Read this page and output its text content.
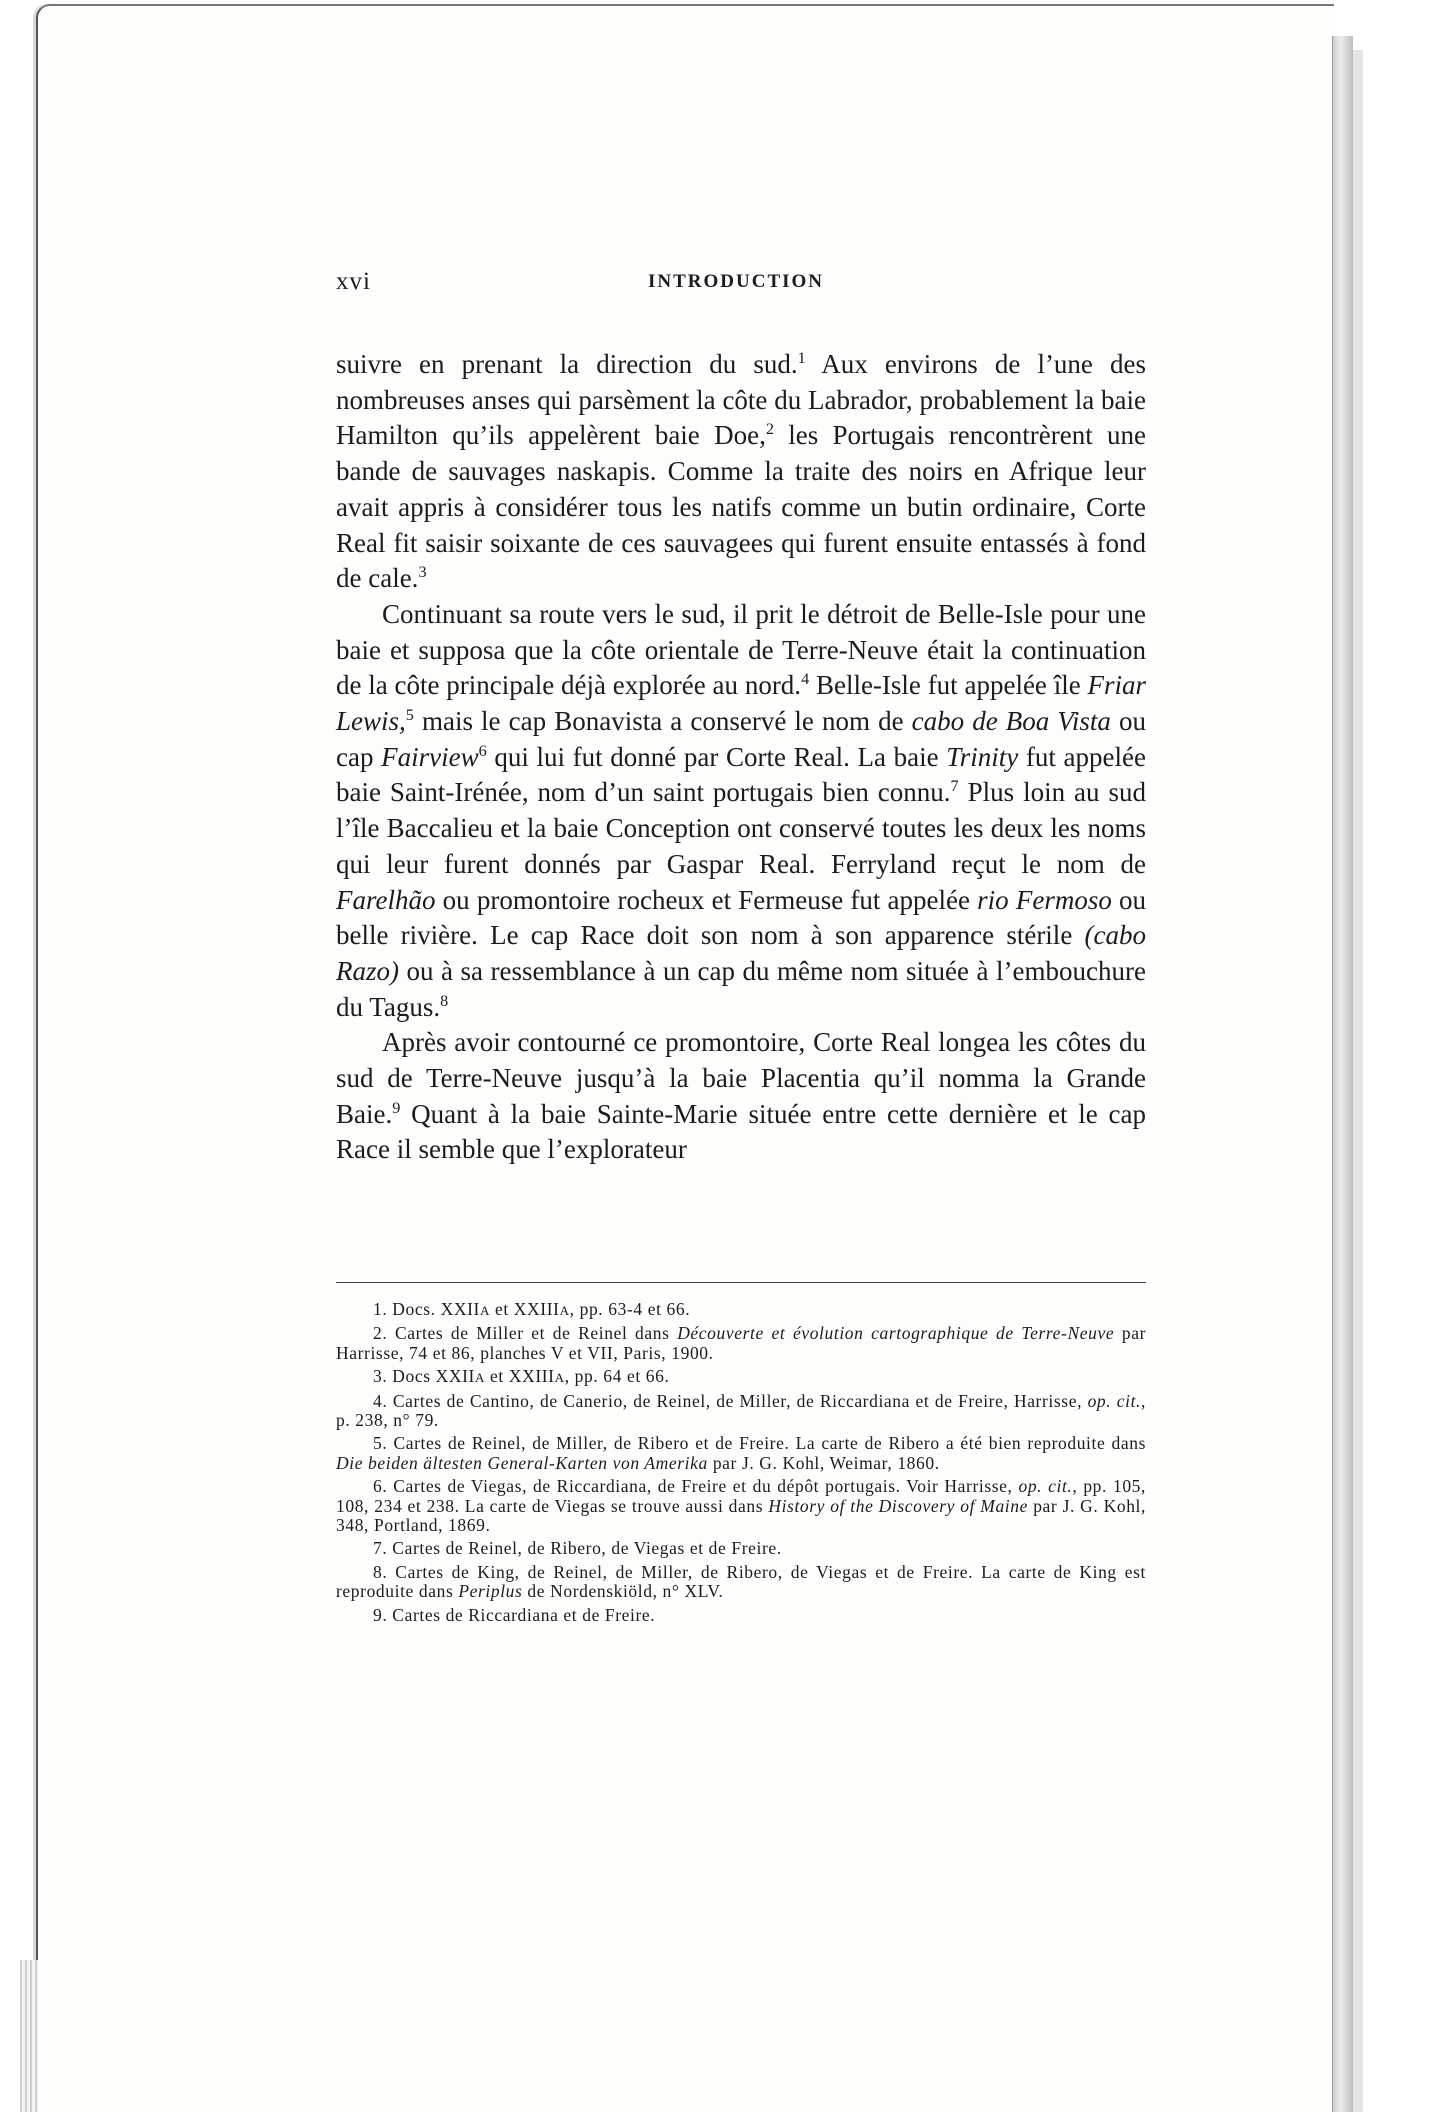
xvi	INTRODUCTION

suivre en prenant la direction du sud.$^1$ Aux environs de l’une des nombreuses anses qui parsèment la côte du Labrador, probablement la baie Hamilton qu’ils appelèrent baie Doe,$^2$ les Portugais rencontrèrent une bande de sauvages naskapis. Comme la traite des noirs en Afrique leur avait appris à considérer tous les natifs comme un butin ordinaire, Corte Real fit saisir soixante de ces sauvagees qui furent ensuite entassés à fond de cale.$^3$

Continuant sa route vers le sud, il prit le détroit de Belle-Isle pour une baie et supposa que la côte orientale de Terre-Neuve était la continuation de la côte principale déjà explorée au nord.$^4$ Belle-Isle fut appelée île Friar Lewis,$^5$ mais le cap Bonavista a conservé le nom de cabo de Boa Vista ou cap Fairview$^6$ qui lui fut donné par Corte Real. La baie Trinity fut appelée baie Saint-Irénée, nom d’un saint portugais bien connu.$^7$ Plus loin au sud l’île Baccalieu et la baie Conception ont conservé toutes les deux les noms qui leur furent donnés par Gaspar Real. Ferryland reçut le nom de Farelhão ou promontoire rocheux et Fermeuse fut appelée rio Fermoso ou belle rivière. Le cap Race doit son nom à son apparence stérile (cabo Razo) ou à sa ressemblance à un cap du même nom située à l’embouchure du Tagus.$^8$

Après avoir contourné ce promontoire, Corte Real longea les côtes du sud de Terre-Neuve jusqu’à la baie Placentia qu’il nomma la Grande Baie.$^9$ Quant à la baie Sainte-Marie située entre cette dernière et le cap Race il semble que l’explorateur

1. Docs. XXIIA et XXIIIA, pp. 63-4 et 66.

2. Cartes de Miller et de Reinel dans Découverte et évolution cartographique de Terre-Neuve par Harrisse, 74 et 86, planches V et VII, Paris, 1900.

3. Docs XXIIA et XXIIIA, pp. 64 et 66.

4. Cartes de Cantino, de Canerio, de Reinel, de Miller, de Riccardiana et de Freire, Harrisse, op. cit., p. 238, n° 79.

5. Cartes de Reinel, de Miller, de Ribero et de Freire. La carte de Ribero a été bien reproduite dans Die beiden ältesten General-Karten von Amerika par J. G. Kohl, Weimar, 1860.

6. Cartes de Viegas, de Riccardiana, de Freire et du dépôt portugais. Voir Harrisse, op. cit., pp. 105, 108, 234 et 238. La carte de Viegas se trouve aussi dans History of the Discovery of Maine par J. G. Kohl, 348, Portland, 1869.

7. Cartes de Reinel, de Ribero, de Viegas et de Freire.

8. Cartes de King, de Reinel, de Miller, de Ribero, de Viegas et de Freire. La carte de King est reproduite dans Periplus de Nordenskiöld, n° XLV.

9. Cartes de Riccardiana et de Freire.
